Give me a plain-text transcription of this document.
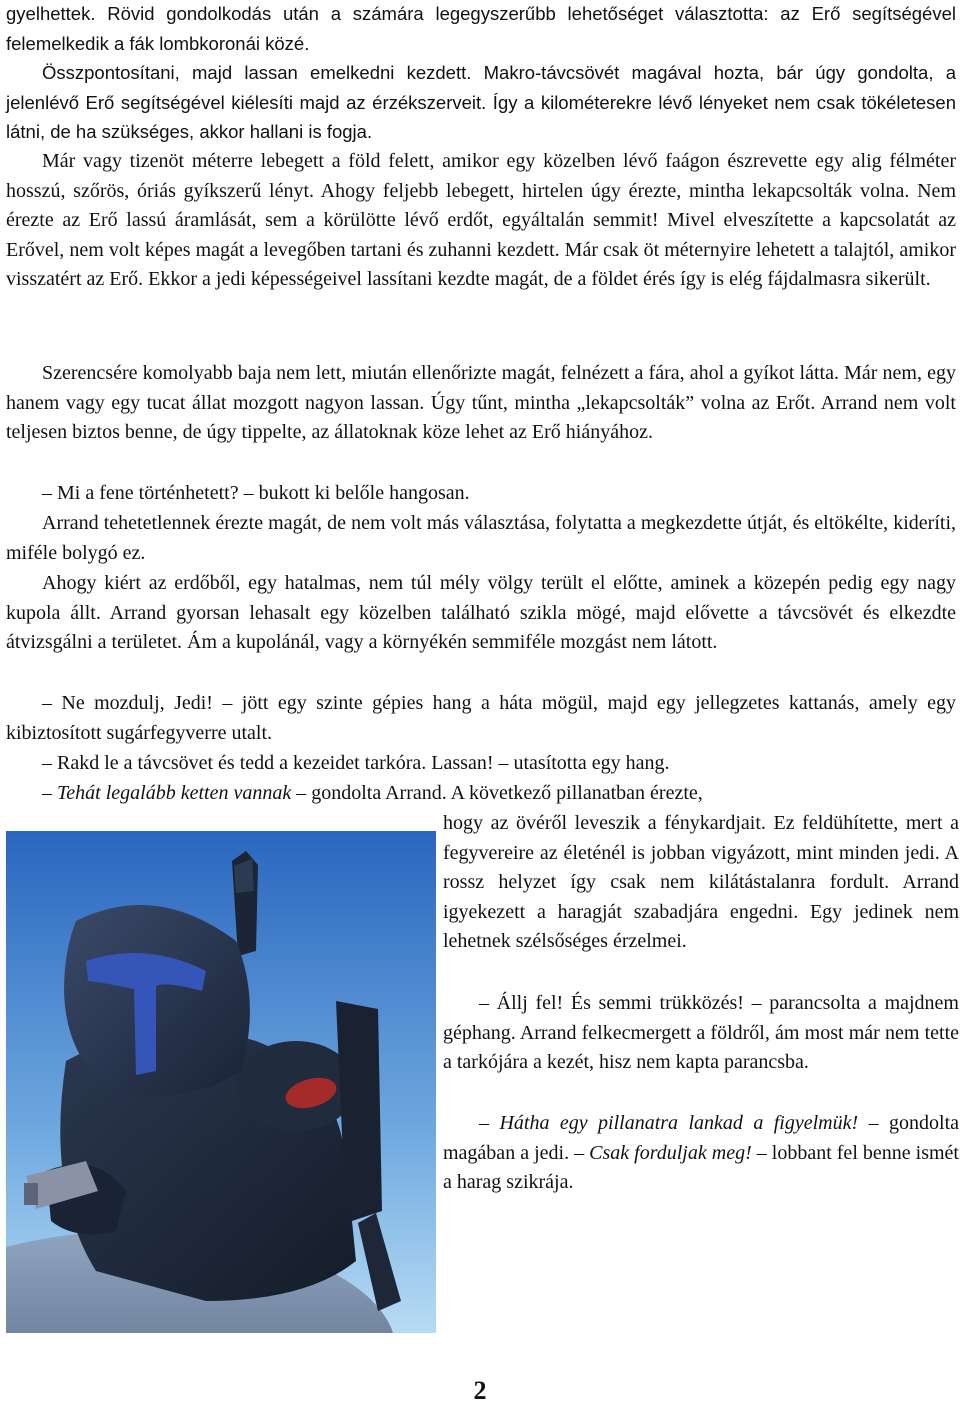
gyelhettek. Rövid gondolkodás után a számára legegyszerűbb lehetőséget választotta: az Erő segítségével felemelkedik a fák lombkoronái közé.

Összpontosítani, majd lassan emelkedni kezdett. Makro-távcsövét magával hozta, bár úgy gondolta, a jelenlévő Erő segítségével kiélesíti majd az érzékszerveit. Így a kilométerekre lévő lényeket nem csak tökéletesen látni, de ha szükséges, akkor hallani is fogja.

Már vagy tizenöt méterre lebegett a föld felett, amikor egy közelben lévő faágon észrevette egy alig félméter hosszú, szőrös, óriás gyíkszerű lényt. Ahogy feljebb lebegett, hirtelen úgy érezte, mintha lekapcsolták volna. Nem érezte az Erő lassú áramlását, sem a körülötte lévő erdőt, egyáltalán semmit! Mivel elveszítette a kapcsolatát az Erővel, nem volt képes magát a levegőben tartani és zuhanni kezdett. Már csak öt méternyire lehetett a talajtól, amikor visszatért az Erő. Ekkor a jedi képességeivel lassítani kezdte magát, de a földet érés így is elég fájdalmasra sikerült.

Szerencsére komolyabb baja nem lett, miután ellenőrizte magát, felnézett a fára, ahol a gyíkot látta. Már nem, egy hanem vagy egy tucat állat mozgott nagyon lassan. Úgy tűnt, mintha „lekapcsolták” volna az Erőt. Arrand nem volt teljesen biztos benne, de úgy tippelte, az állatoknak köze lehet az Erő hiányához.

– Mi a fene történhetett? – bukott ki belőle hangosan.

Arrand tehetetlennek érezte magát, de nem volt más választása, folytatta a megkezdette útját, és eltökélte, kideríti, miféle bolygó ez.

Ahogy kiért az erdőből, egy hatalmas, nem túl mély völgy terült el előtte, aminek a közepén pedig egy nagy kupola állt. Arrand gyorsan lehasalt egy közelben található szikla mögé, majd elővette a távcsövét és elkezdte átvizsgálni a területet. Ám a kupolánál, vagy a környékén semmiféle mozgást nem látott.

– Ne mozdulj, Jedi! – jött egy szinte gépies hang a háta mögül, majd egy jellegzetes kattanás, amely egy kibiztosított sugárfegyverre utalt.

– Rakd le a távcsövet és tedd a kezeidet tarkóra. Lassan! – utasította egy hang.

– Tehát legalább ketten vannak – gondolta Arrand. A következő pillanatban érezte,

hogy az övéről leveszik a fénykardjait. Ez feldühítette, mert a fegyvereire az életénél is jobban vigyázott, mint minden jedi. A rossz helyzet így csak nem kilátástalanra fordult. Arrand igyekezett a haragját szabadjára engedni. Egy jedinek nem lehetnek szélsőséges érzelmei.

– Állj fel! És semmi trükközés! – parancsolta a majdnem géphang. Arrand felkecmergett a földről, ám most már nem tette a tarkójára a kezét, hisz nem kapta parancsba.

– Hátha egy pillanatra lankad a figyelmük! – gondolta magában a jedi. – Csak forduljak meg! – lobbant fel benne ismét a harag szikrája.

2
